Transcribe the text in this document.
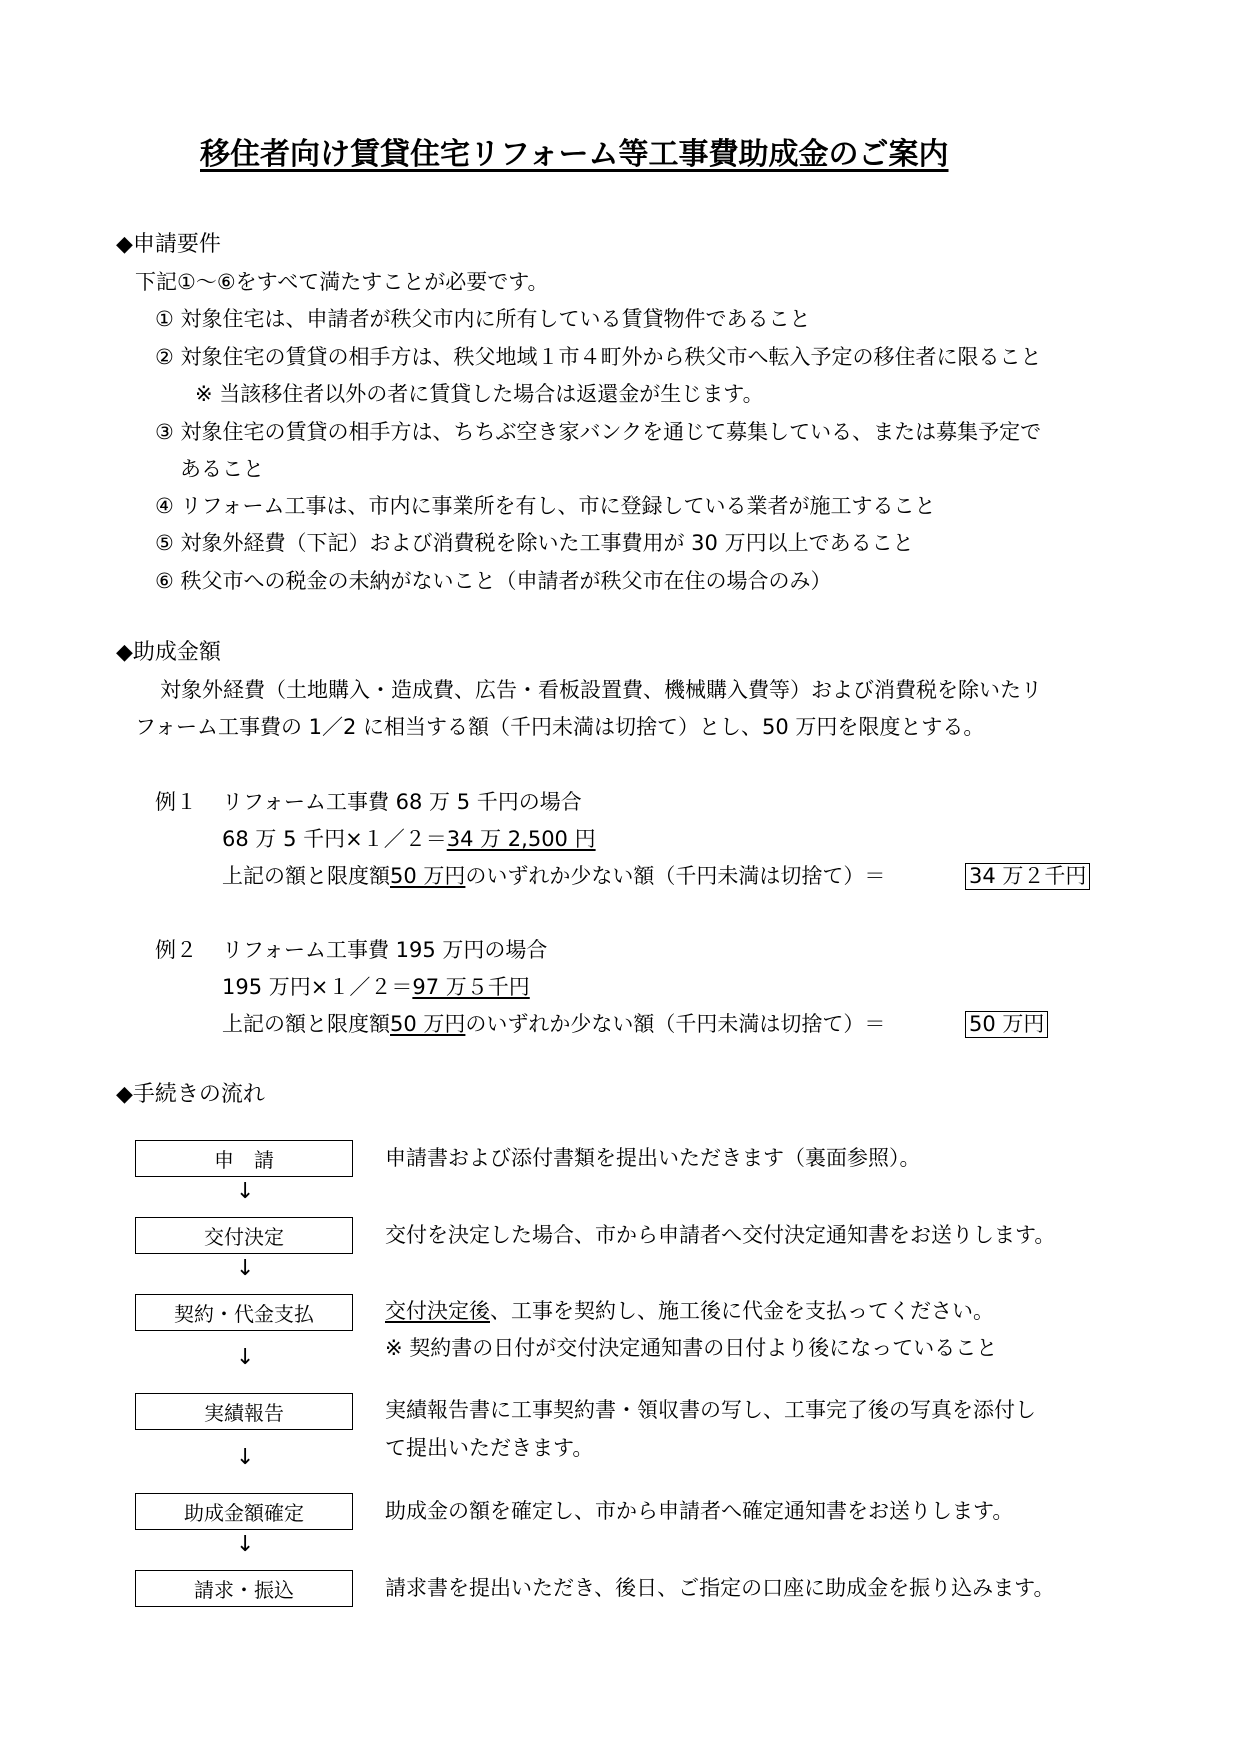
移住者向け賃貸住宅リフォーム等工事費助成金のご案内
◆申請要件
下記①～⑥をすべて満たすことが必要です。
① 対象住宅は、申請者が秩父市内に所有している賃貸物件であること
② 対象住宅の賃貸の相手方は、秩父地域１市４町外から秩父市へ転入予定の移住者に限ること
※ 当該移住者以外の者に賃貸した場合は返還金が生じます。
③ 対象住宅の賃貸の相手方は、ちちぶ空き家バンクを通じて募集している、または募集予定で
あること
④ リフォーム工事は、市内に事業所を有し、市に登録している業者が施工すること
⑤ 対象外経費（下記）および消費税を除いた工事費用が 30 万円以上であること
⑥ 秩父市への税金の未納がないこと（申請者が秩父市在住の場合のみ）
◆助成金額
対象外経費（土地購入・造成費、広告・看板設置費、機械購入費等）および消費税を除いたリ
フォーム工事費の 1／2 に相当する額（千円未満は切捨て）とし、50 万円を限度とする。
例１ リフォーム工事費 68 万 5 千円の場合
68 万 5 千円×１／２＝34 万 2,500 円
上記の額と限度額50 万円のいずれか少ない額（千円未満は切捨て）＝	34 万２千円
例２ リフォーム工事費 195 万円の場合
195 万円×１／２＝97 万５千円
上記の額と限度額50 万円のいずれか少ない額（千円未満は切捨て）＝	50 万円
◆手続きの流れ
申　請	申請書および添付書類を提出いただきます（裏面参照）。
↓
交付決定	交付を決定した場合、市から申請者へ交付決定通知書をお送りします。
↓
契約・代金支払	交付決定後、工事を契約し、施工後に代金を支払ってください。
※ 契約書の日付が交付決定通知書の日付より後になっていること
↓
実績報告	実績報告書に工事契約書・領収書の写し、工事完了後の写真を添付し
て提出いただきます。
↓
助成金額確定	助成金の額を確定し、市から申請者へ確定通知書をお送りします。
↓
請求・振込	請求書を提出いただき、後日、ご指定の口座に助成金を振り込みます。
